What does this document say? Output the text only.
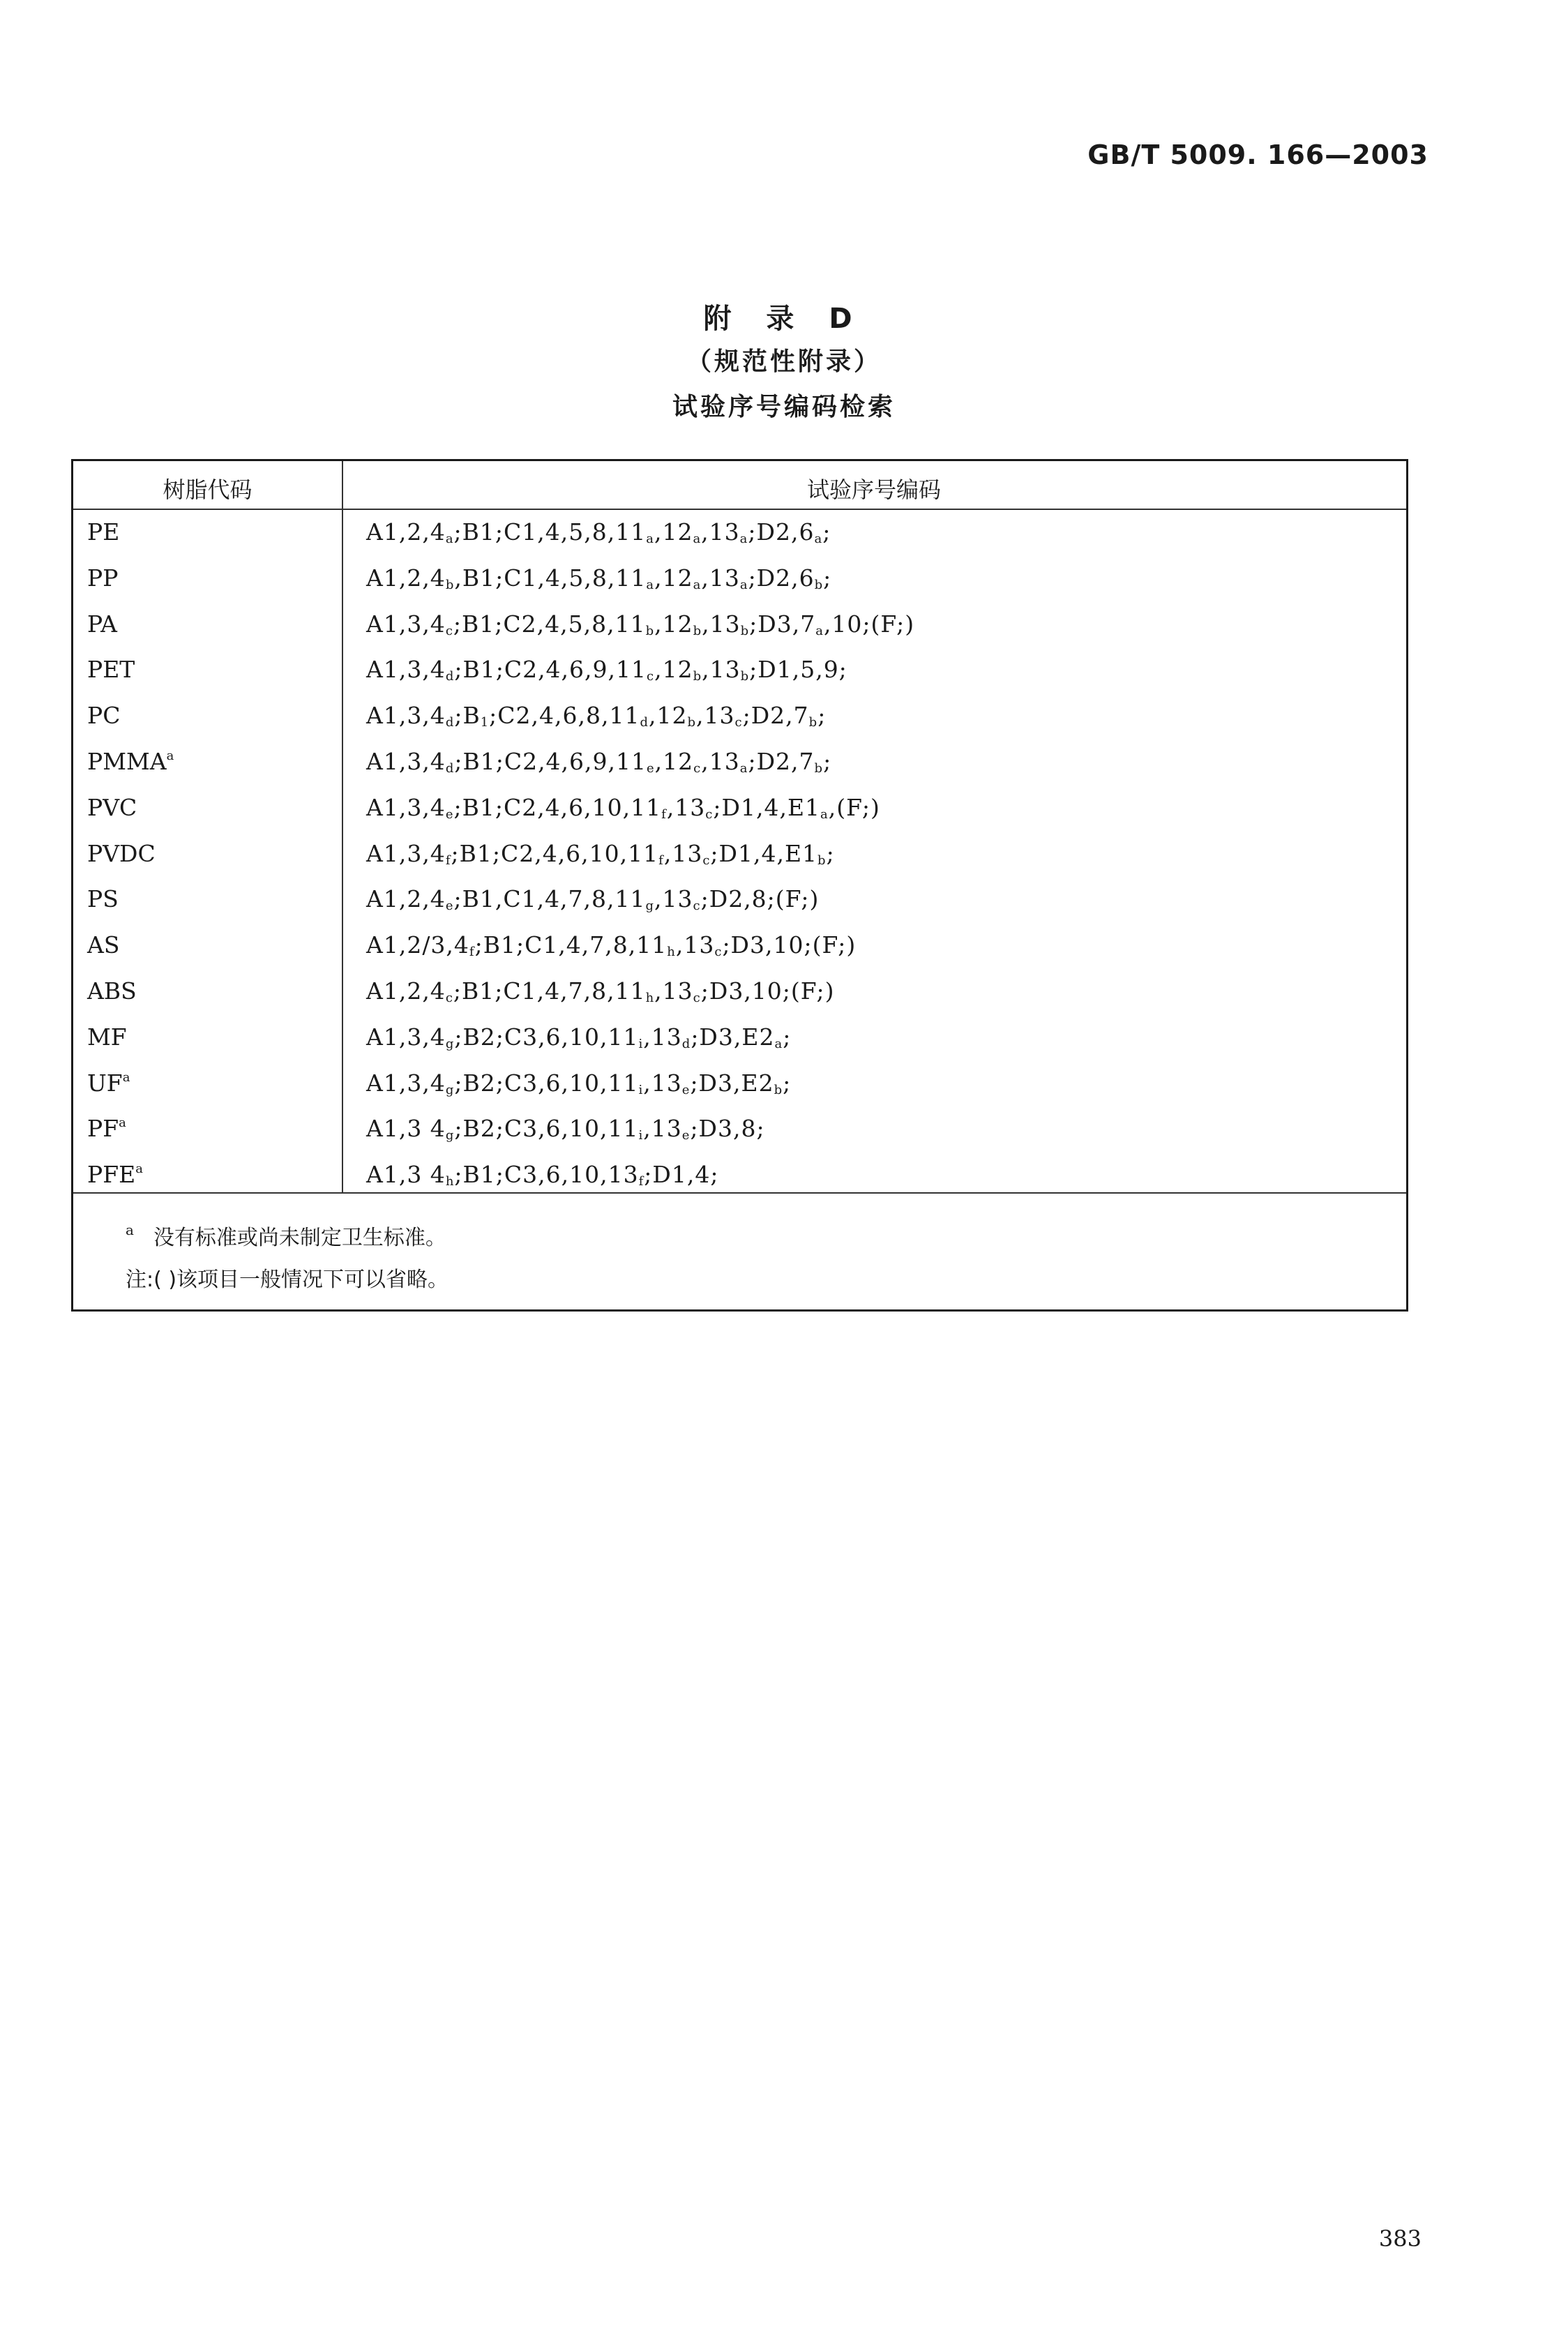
GB/T 5009. 166—2003
附 录 D
（规范性附录）
试验序号编码检索
树脂代码	试验序号编码
PE	$A1,2,4_a;B1;C1,4,5,8,11_a,12_a,13_a;D2,6_a$;
PP	$A1,2,4_b,B1;C1,4,5,8,11_a,12_a,13_a;D2,6_b$;
PA	$A1,3,4_c;B1;C2,4,5,8,11_b,12_b,13_b;D3,7_a,10;(F;)$
PET	$A1,3,4_d;B1;C2,4,6,9,11_c,12_b,13_b;D1,5,9$;
PC	$A1,3,4_d;B_1;C2,4,6,8,11_d,12_b,13_c;D2,7_b$;
PMMA$^a$	$A1,3,4_d;B1;C2,4,6,9,11_e,12_c,13_a;D2,7_b$;
PVC	$A1,3,4_e;B1;C2,4,6,10,11_f,13_c;D1,4,E1_a,(F;)$
PVDC	$A1,3,4_f;B1;C2,4,6,10,11_f,13_c;D1,4,E1_b$;
PS	$A1,2,4_e;B1,C1,4,7,8,11_g,13_c;D2,8;(F;)$
AS	$A1,2/3,4_f;B1;C1,4,7,8,11_h,13_c;D3,10;(F;)$
ABS	$A1,2,4_c;B1;C1,4,7,8,11_h,13_c;D3,10;(F;)$
MF	$A1,3,4_g;B2;C3,6,10,11_i,13_d;D3,E2_a$;
$UF^a$	$A1,3,4_g;B2;C3,6,10,11_i,13_e;D3,E2_b$;
$PF^a$	A1,3 $4_g;B2;C3,6,10,11_i,13_e;D3,8$;
PFE$^a$	A1,3 $4_h;B1;C3,6,10,13_f;D1,4$;
$^a$ 没有标准或尚未制定卫生标准。
注:( )该项目一般情况下可以省略。
383
